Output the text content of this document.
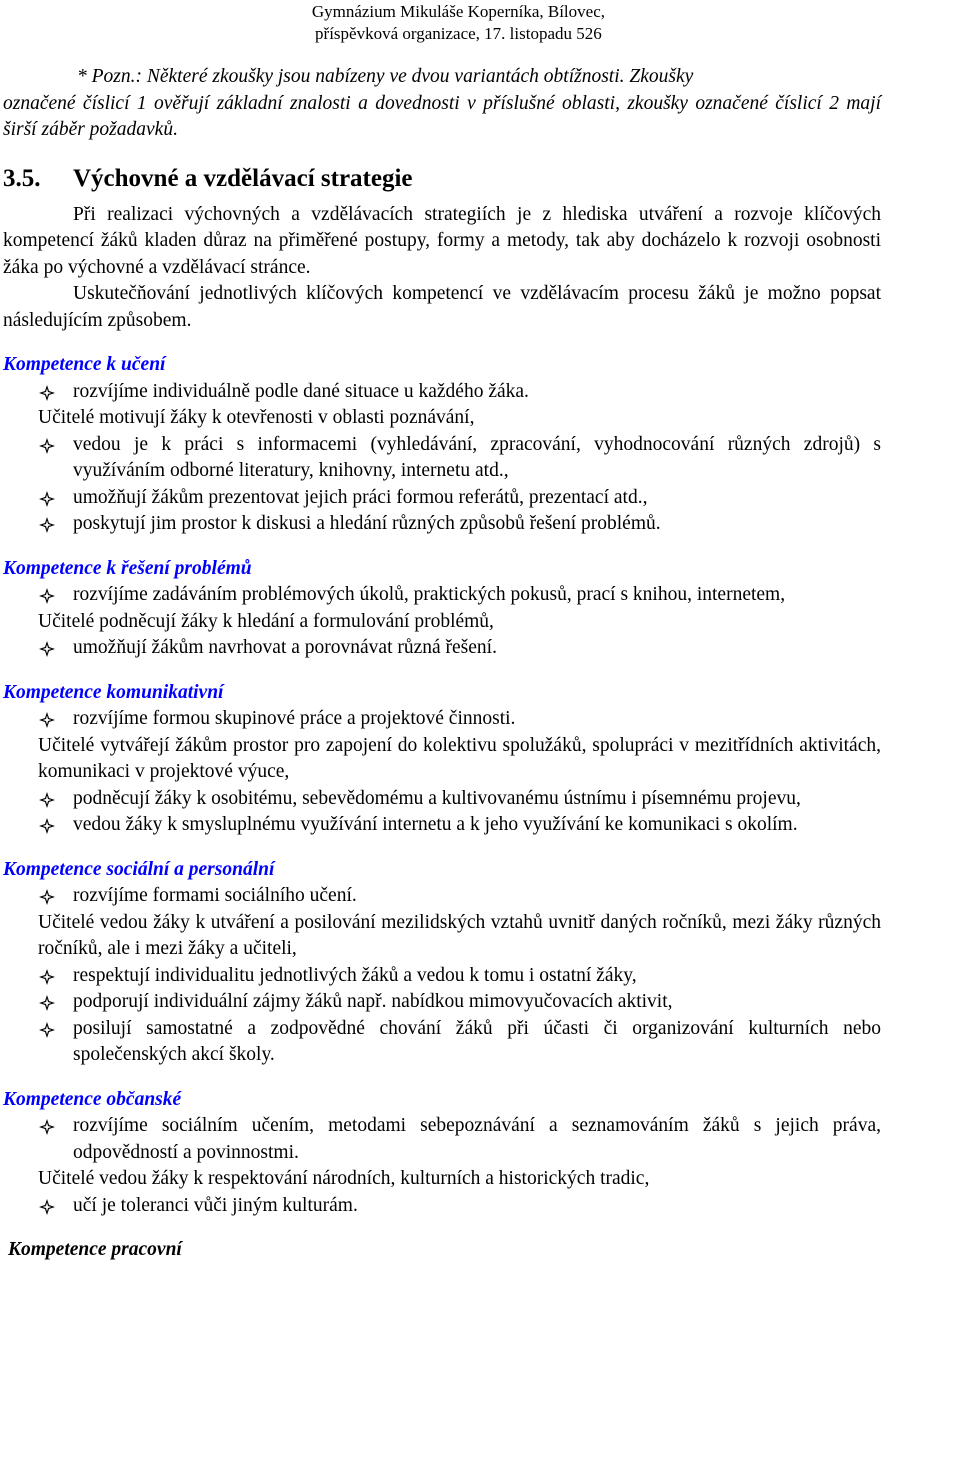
Gymnázium Mikuláše Koperníka, Bílovec,
příspěvková organizace, 17. listopadu 526

* Pozn.: Některé zkoušky jsou nabízeny ve dvou variantách obtížnosti. Zkoušky

označené číslicí 1 ověřují základní znalosti a dovednosti v příslušné oblasti, zkoušky označené číslicí 2 mají širší záběr požadavků.

3.5. Výchovné a vzdělávací strategie

Při realizaci výchovných a vzdělávacích strategiích je z hlediska utváření a rozvoje klíčových kompetencí žáků kladen důraz na přiměřené postupy, formy a metody, tak aby docházelo k rozvoji osobnosti žáka po výchovné a vzdělávací stránce.

Uskutečňování jednotlivých klíčových kompetencí ve vzdělávacím procesu žáků je možno popsat následujícím způsobem.

Kompetence k učení

rozvíjíme individuálně podle dané situace u každého žáka.
Učitelé motivují žáky k otevřenosti v oblasti poznávání,
vedou je k práci s informacemi (vyhledávání, zpracování, vyhodnocování různých zdrojů) s využíváním odborné literatury, knihovny, internetu atd.,
umožňují žákům prezentovat jejich práci formou referátů, prezentací atd.,
poskytují jim prostor k diskusi a hledání různých způsobů řešení problémů.

Kompetence k řešení problémů

rozvíjíme zadáváním problémových úkolů, praktických pokusů, prací s knihou, internetem,
Učitelé podněcují žáky k hledání a formulování problémů,
umožňují žákům navrhovat a porovnávat různá řešení.

Kompetence komunikativní

rozvíjíme formou skupinové práce a projektové činnosti.
Učitelé vytvářejí žákům prostor pro zapojení do kolektivu spolužáků, spolupráci v mezitřídních aktivitách, komunikaci v projektové výuce,
podněcují žáky k osobitému, sebevědomému a kultivovanému ústnímu i písemnému projevu,
vedou žáky k smysluplnému využívání internetu a k jeho využívání ke komunikaci s okolím.

Kompetence sociální a personální

rozvíjíme formami sociálního učení.
Učitelé vedou žáky k utváření a posilování mezilidských vztahů uvnitř daných ročníků, mezi žáky různých ročníků, ale i mezi žáky a učiteli,
respektují individualitu jednotlivých žáků a vedou k tomu i ostatní žáky,
podporují individuální zájmy žáků např. nabídkou mimovyučovacích aktivit,
posilují samostatné a zodpovědné chování žáků při účasti či organizování kulturních nebo společenských akcí školy.

Kompetence občanské

rozvíjíme sociálním učením, metodami sebepoznávání a seznamováním žáků s jejich práva, odpovědností a povinnostmi.
Učitelé vedou žáky k respektování národních, kulturních a historických tradic,
učí je toleranci vůči jiným kulturám.

Kompetence pracovní
